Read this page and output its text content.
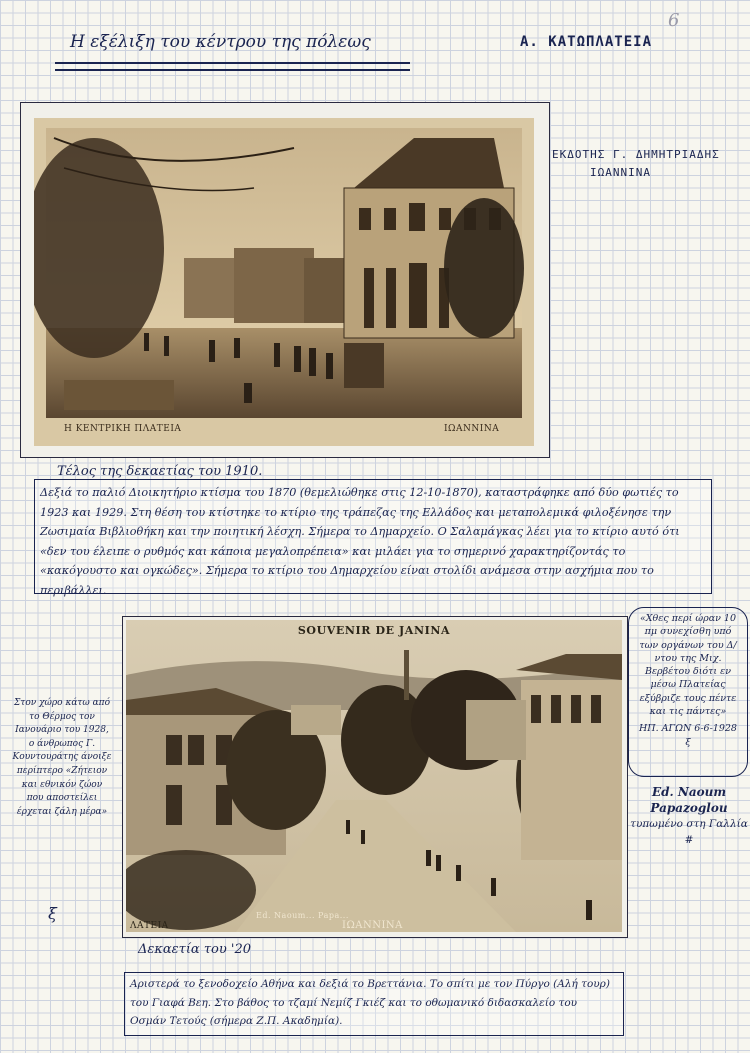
6
Η εξέλιξη του κέντρου της πόλεως	Α. ΚΑΤΩΠΛΑΤΕΙΑ
Η ΚΕΝΤΡΙΚΗ ΠΛΑΤΕΙΑ	ΙΩΑΝΝΙΝΑ
ΕΚΔΟΤΗΣ Γ. ΔΗΜΗΤΡΙΑΔΗΣ
ΙΩΑΝΝΙΝΑ
Τέλος της δεκαετίας του 1910.
Δεξιά το παλιό Διοικητήριο κτίσμα του 1870 (θεμελιώθηκε στις 12-10-1870), καταστράφηκε από δύο φωτιές το 1923 και 1929. Στη θέση του κτίστηκε το κτίριο της τράπεζας της Ελλάδος και μεταπολεμικά φιλοξένησε την Ζωσιμαία Βιβλιοθήκη και την ποιητική λέσχη. Σήμερα το Δημαρχείο. Ο Σαλαμάγκας λέει για το κτίριο αυτό ότι «δεν του έλειπε ο ρυθμός και κάποια μεγαλοπρέπεια» και μιλάει για το σημερινό χαρακτηρίζοντάς το «κακόγουστο και ογκώδες». Σήμερα το κτίριο του Δημαρχείου είναι στολίδι ανάμεσα στην ασχήμια που το περιβάλλει.
Στον χώρο κάτω από το Θέρμος τον Ιανουάριο του 1928, ο άνθρωπος Γ. Κουντουράτης άνοιξε περίπτερο «Ζήτειον και εθνικόν ζώον που αποστείλει έρχεται ζάλη μέρα»
ξ
SOUVENIR DE JANINA
ΛΑΤΕΙΑ
Ed. Naoum... Papa...
ΙΩΑΝΝΙΝΑ
«Χθες περί ώραν 10 πμ συνεχίσθη υπό των οργάνων του Δ/ντου της Μιχ. Βερβέτου διότι εν μέσω Πλατείας εξύβριζε τους πέντε και τις πάντες»
ΗΠ. ΑΓΩΝ 6-6-1928
ξ
Ed. Naoum Papazoglou
τυπωμένο στη Γαλλία
#
Δεκαετία του '20
Αριστερά το ξενοδοχείο Αθήνα και δεξιά το Βρεττάνια. Το σπίτι με τον Πύργο (Αλή τουρ) του Γιαφά Βεη. Στο βάθος το τζαμί Νεμίζ Γκιέζ και το οθωμανικό διδασκαλείο του Οσμάν Τετούς (σήμερα Ζ.Π. Ακαδημία).
